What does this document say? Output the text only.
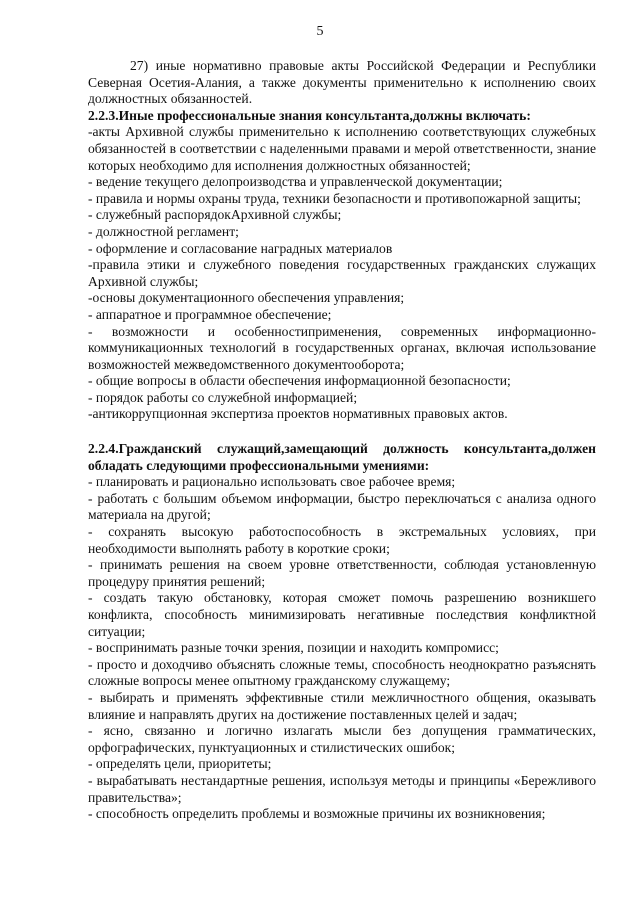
5

27) иные нормативно правовые акты Российской Федерации и Республики Северная Осетия-Алания, а также документы применительно к исполнению своих должностных обязанностей.

2.2.3.Иные профессиональные знания консультанта,должны включать:

-акты Архивной службы применительно к исполнению соответствующих служебных обязанностей в соответствии с наделенными правами и мерой ответственности, знание которых необходимо для исполнения должностных обязанностей;

- ведение текущего делопроизводства и управленческой документации;

- правила и нормы охраны труда, техники безопасности и противопожарной защиты;

- служебный распорядокАрхивной службы;

- должностной регламент;

- оформление и согласование наградных материалов

-правила этики и служебного поведения государственных гражданских служащих Архивной службы;

-основы документационного обеспечения управления;

- аппаратное и программное обеспечение;

- возможности и особенностиприменения, современных информационно-коммуникационных технологий в государственных органах, включая использование возможностей межведомственного документооборота;

- общие вопросы в области обеспечения информационной безопасности;

- порядок работы со служебной информацией;

-антикоррупционная экспертиза проектов нормативных правовых актов.

2.2.4.Гражданский служащий,замещающий должность консультанта,должен обладать следующими профессиональными умениями:

- планировать и рационально использовать свое рабочее время;

- работать с большим объемом информации, быстро переключаться с анализа одного материала на другой;

- сохранять высокую работоспособность в экстремальных условиях, при необходимости выполнять работу в короткие сроки;

- принимать решения на своем уровне ответственности, соблюдая установленную процедуру принятия решений;

- создать такую обстановку, которая сможет помочь разрешению возникшего конфликта, способность минимизировать негативные последствия конфликтной ситуации;

- воспринимать разные точки зрения, позиции и находить компромисс;

- просто и доходчиво объяснять сложные темы, способность неоднократно разъяснять сложные вопросы менее опытному гражданскому служащему;

- выбирать и применять эффективные стили межличностного общения, оказывать влияние и направлять других на достижение поставленных целей и задач;

- ясно, связанно и логично излагать мысли без допущения грамматических, орфографических, пунктуационных и стилистических ошибок;

- определять цели, приоритеты;

- вырабатывать нестандартные решения, используя методы и принципы «Бережливого правительства»;

- способность определить проблемы и возможные причины их возникновения;
